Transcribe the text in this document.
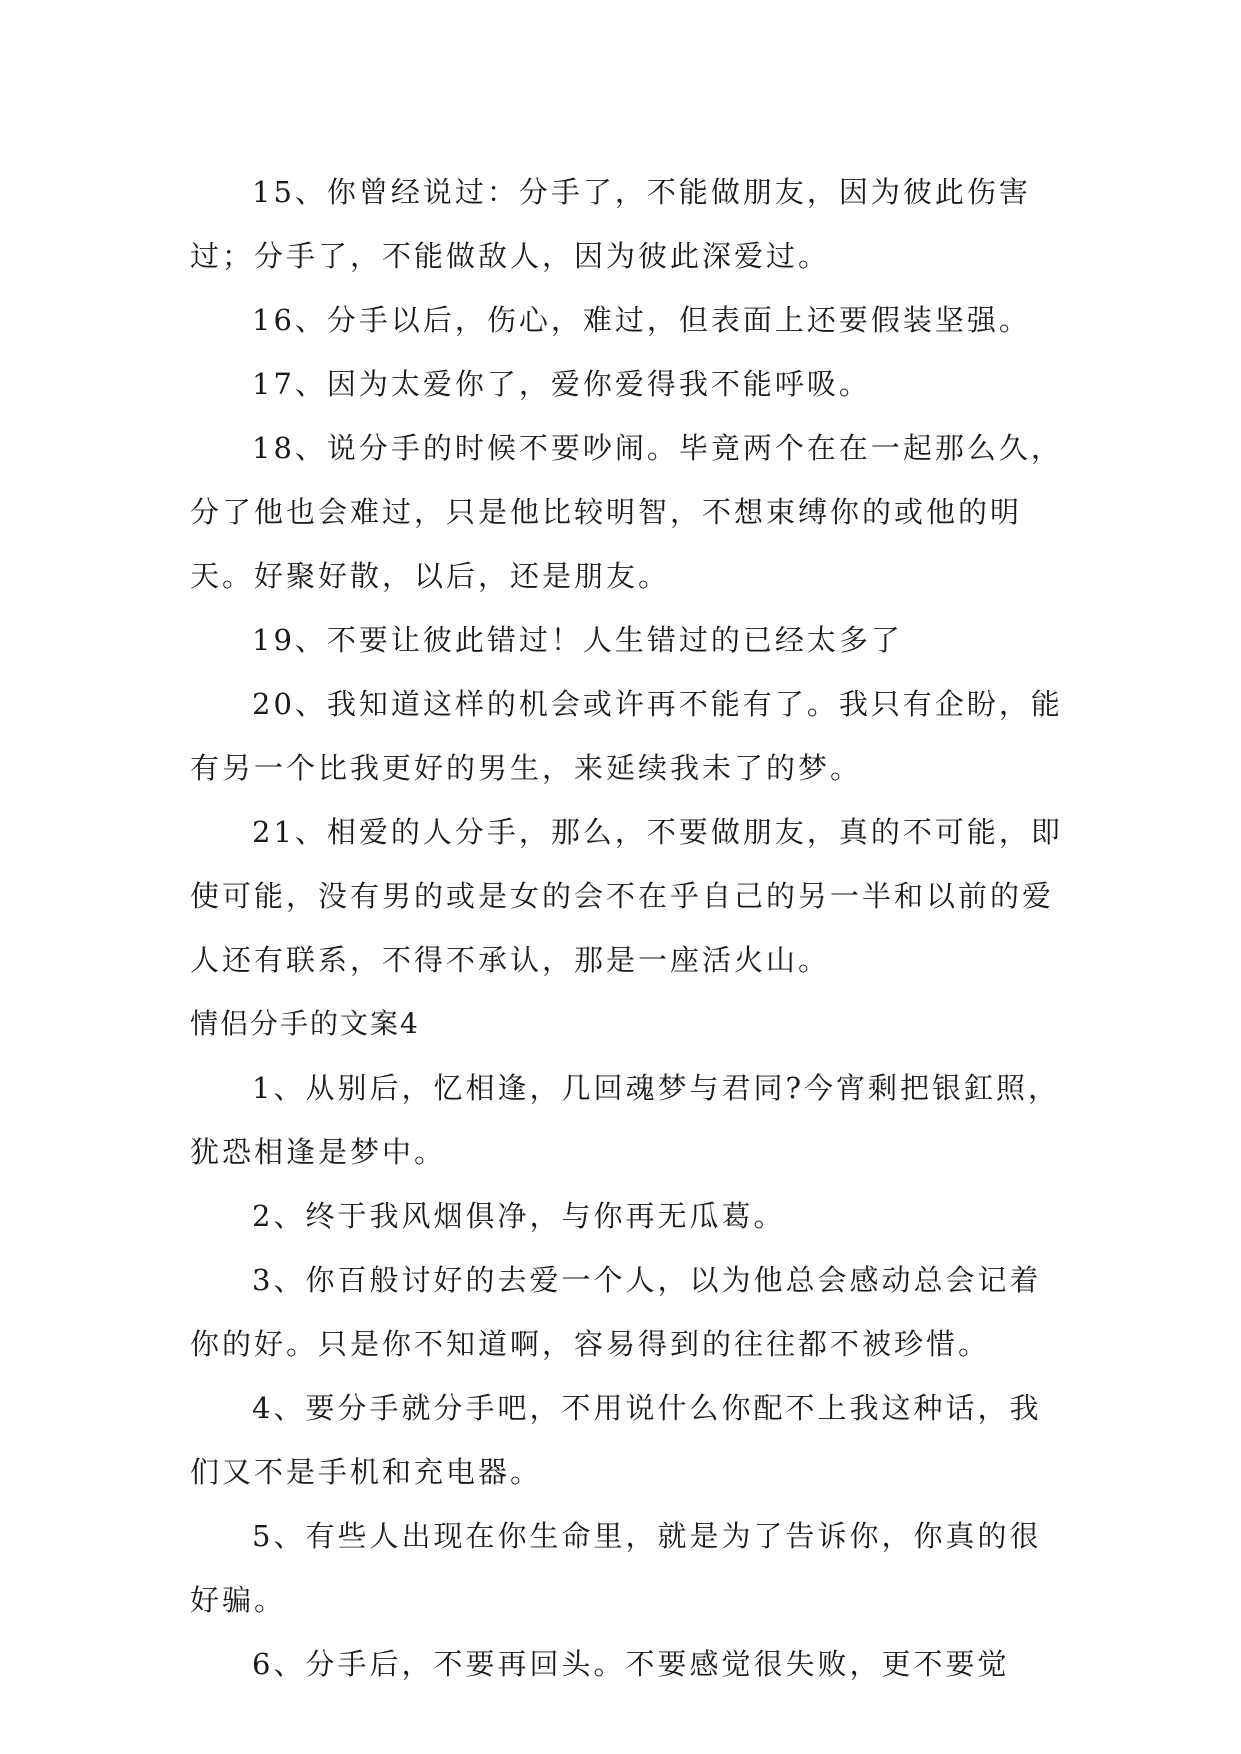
15、你曾经说过：分手了，不能做朋友，因为彼此伤害过；分手了，不能做敌人，因为彼此深爱过。

16、分手以后，伤心，难过，但表面上还要假装坚强。

17、因为太爱你了，爱你爱得我不能呼吸。

18、说分手的时候不要吵闹。毕竟两个在在一起那么久，分了他也会难过，只是他比较明智，不想束缚你的或他的明天。好聚好散，以后，还是朋友。

19、不要让彼此错过！人生错过的已经太多了

20、我知道这样的机会或许再不能有了。我只有企盼，能有另一个比我更好的男生，来延续我未了的梦。

21、相爱的人分手，那么，不要做朋友，真的不可能，即使可能，没有男的或是女的会不在乎自己的另一半和以前的爱人还有联系，不得不承认，那是一座活火山。

情侣分手的文案4

1、从别后，忆相逢，几回魂梦与君同?今宵剩把银釭照，犹恐相逢是梦中。

2、终于我风烟俱净，与你再无瓜葛。

3、你百般讨好的去爱一个人，以为他总会感动总会记着你的好。只是你不知道啊，容易得到的往往都不被珍惜。

4、要分手就分手吧，不用说什么你配不上我这种话，我们又不是手机和充电器。

5、有些人出现在你生命里，就是为了告诉你，你真的很好骗。

6、分手后，不要再回头。不要感觉很失败，更不要觉
